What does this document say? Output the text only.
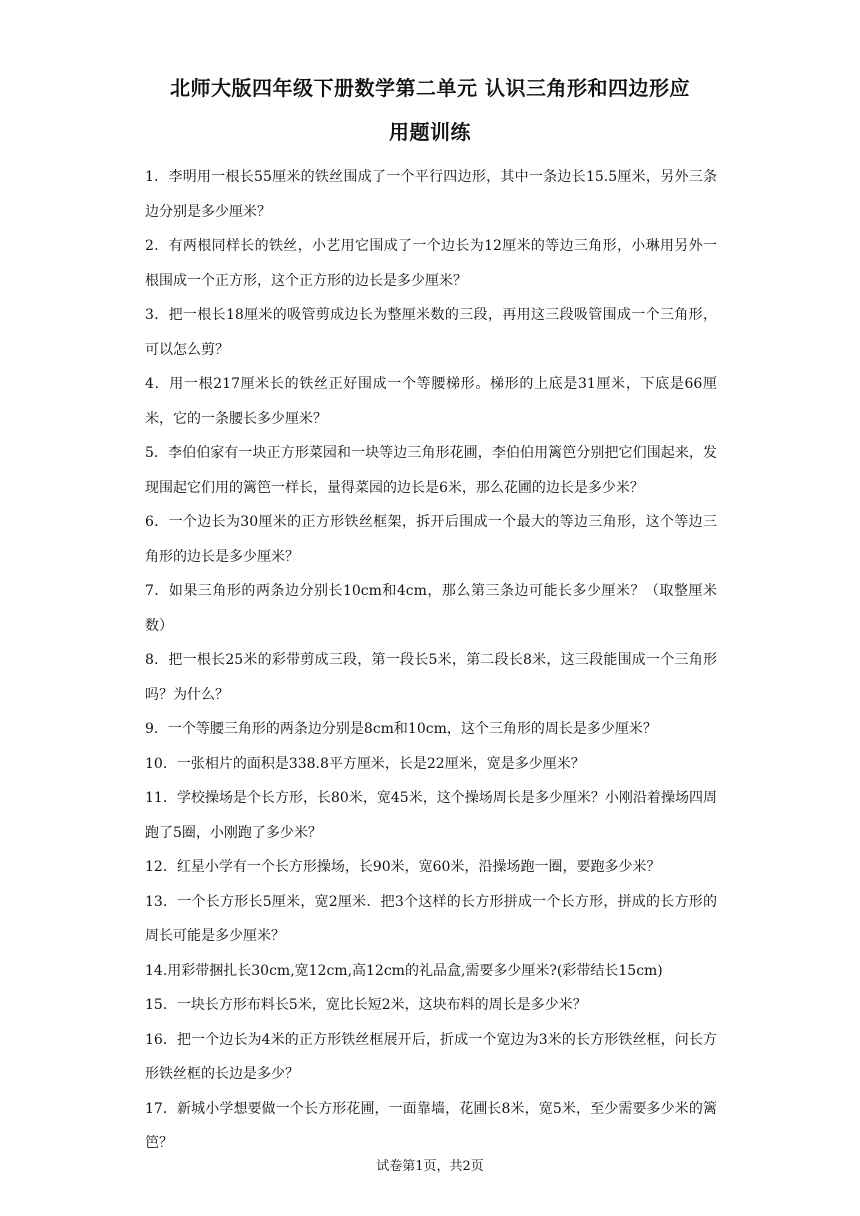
北师大版四年级下册数学第二单元 认识三角形和四边形应
用题训练
1．李明用一根长55厘米的铁丝围成了一个平行四边形，其中一条边长15.5厘米，另外三条边分别是多少厘米？
2．有两根同样长的铁丝，小艺用它围成了一个边长为12厘米的等边三角形，小琳用另外一根围成一个正方形，这个正方形的边长是多少厘米？
3．把一根长18厘米的吸管剪成边长为整厘米数的三段，再用这三段吸管围成一个三角形，可以怎么剪？
4．用一根217厘米长的铁丝正好围成一个等腰梯形。梯形的上底是31厘米，下底是66厘米，它的一条腰长多少厘米？
5．李伯伯家有一块正方形菜园和一块等边三角形花圃，李伯伯用篱笆分别把它们围起来，发现围起它们用的篱笆一样长，量得菜园的边长是6米，那么花圃的边长是多少米？
6．一个边长为30厘米的正方形铁丝框架，拆开后围成一个最大的等边三角形，这个等边三角形的边长是多少厘米？
7．如果三角形的两条边分别长10cm和4cm，那么第三条边可能长多少厘米？（取整厘米数）
8．把一根长25米的彩带剪成三段，第一段长5米，第二段长8米，这三段能围成一个三角形吗？为什么？
9．一个等腰三角形的两条边分别是8cm和10cm，这个三角形的周长是多少厘米？
10．一张相片的面积是338.8平方厘米，长是22厘米，宽是多少厘米？
11．学校操场是个长方形，长80米，宽45米，这个操场周长是多少厘米？小刚沿着操场四周跑了5圈，小刚跑了多少米？
12．红星小学有一个长方形操场，长90米，宽60米，沿操场跑一圈，要跑多少米？
13．一个长方形长5厘米，宽2厘米．把3个这样的长方形拼成一个长方形，拼成的长方形的周长可能是多少厘米？
14.用彩带捆扎长30cm,宽12cm,高12cm的礼品盒,需要多少厘米?(彩带结长15cm)
15．一块长方形布料长5米，宽比长短2米，这块布料的周长是多少米？
16．把一个边长为4米的正方形铁丝框展开后，折成一个宽边为3米的长方形铁丝框，问长方形铁丝框的长边是多少？
17．新城小学想要做一个长方形花圃，一面靠墙，花圃长8米，宽5米，至少需要多少米的篱笆？
试卷第1页，共2页
